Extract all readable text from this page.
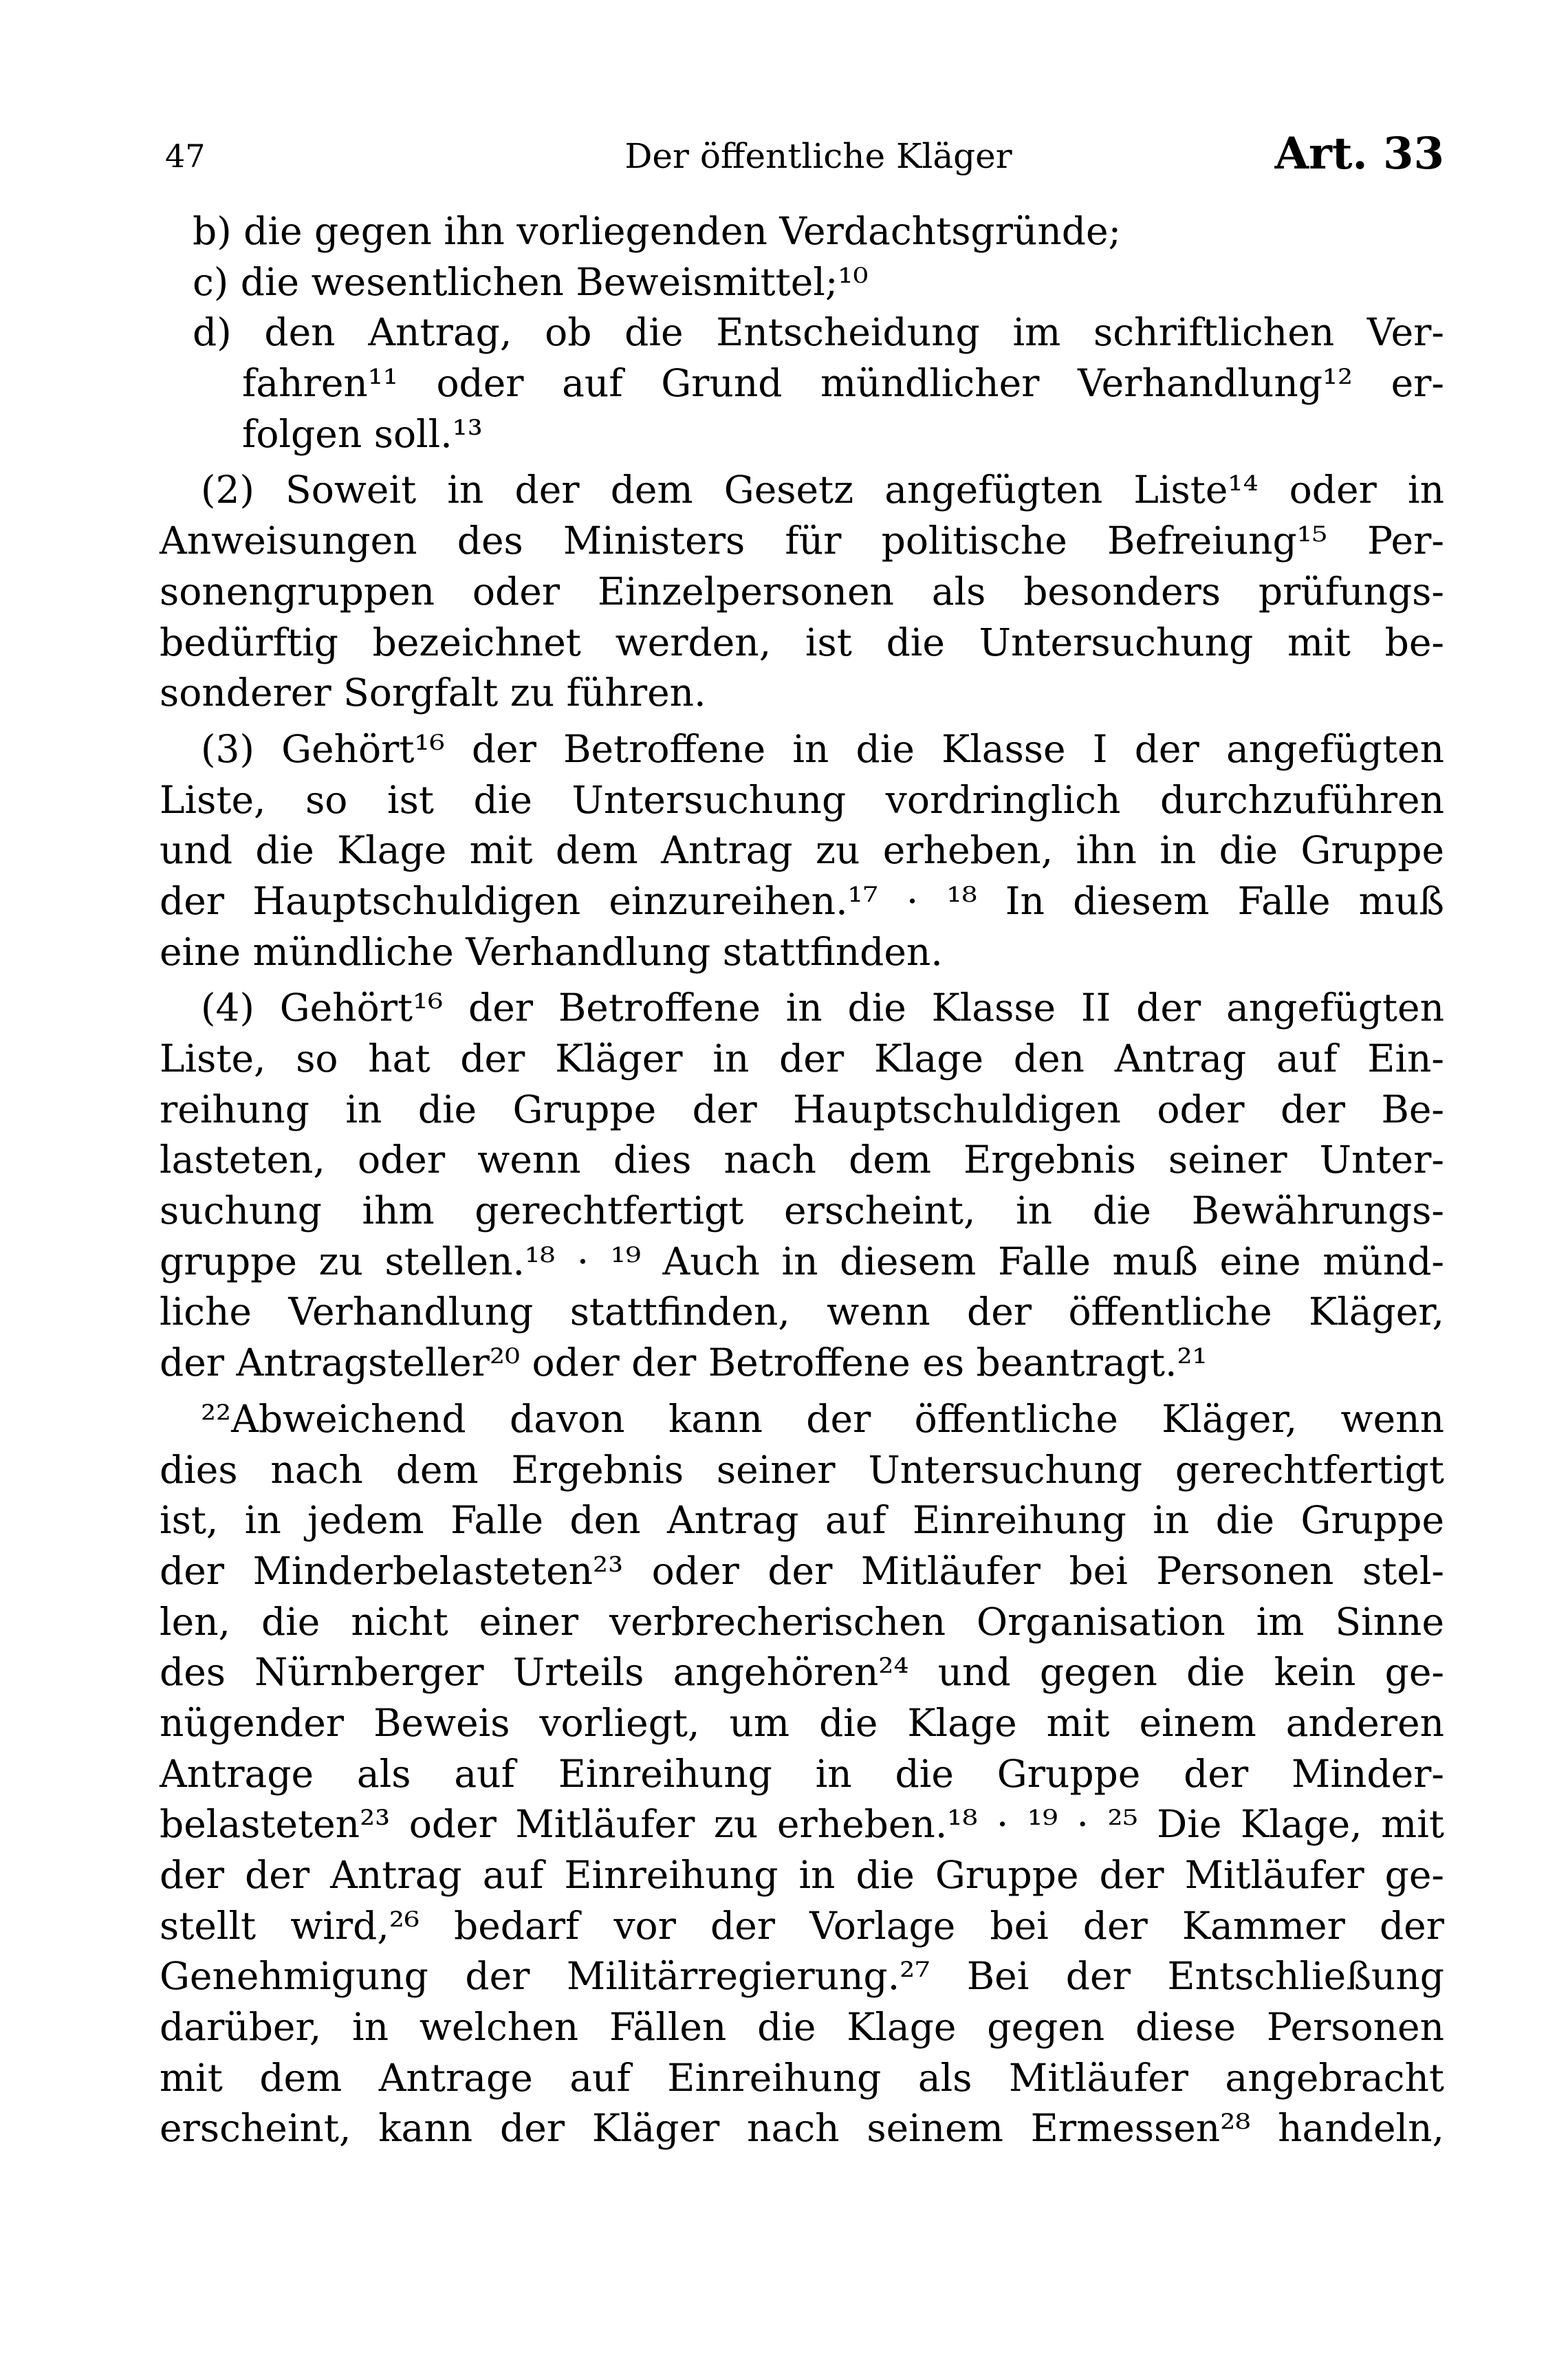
47	Der öffentliche Kläger	Art. 33
b) die gegen ihn vorliegenden Verdachtsgründe;
c) die wesentlichen Beweismittel;¹⁰
d) den Antrag, ob die Entscheidung im schriftlichen Ver-
fahren¹¹ oder auf Grund mündlicher Verhandlung¹² er-
folgen soll.¹³
(2) Soweit in der dem Gesetz angefügten Liste¹⁴ oder in
Anweisungen des Ministers für politische Befreiung¹⁵ Per-
sonengruppen oder Einzelpersonen als besonders prüfungs-
bedürftig bezeichnet werden, ist die Untersuchung mit be-
sonderer Sorgfalt zu führen.
(3) Gehört¹⁶ der Betroffene in die Klasse I der angefügten
Liste, so ist die Untersuchung vordringlich durchzuführen
und die Klage mit dem Antrag zu erheben, ihn in die Gruppe
der Hauptschuldigen einzureihen.¹⁷ · ¹⁸ In diesem Falle muß
eine mündliche Verhandlung stattfinden.
(4) Gehört¹⁶ der Betroffene in die Klasse II der angefügten
Liste, so hat der Kläger in der Klage den Antrag auf Ein-
reihung in die Gruppe der Hauptschuldigen oder der Be-
lasteten, oder wenn dies nach dem Ergebnis seiner Unter-
suchung ihm gerechtfertigt erscheint, in die Bewährungs-
gruppe zu stellen.¹⁸ · ¹⁹ Auch in diesem Falle muß eine münd-
liche Verhandlung stattfinden, wenn der öffentliche Kläger,
der Antragsteller²⁰ oder der Betroffene es beantragt.²¹
²²Abweichend davon kann der öffentliche Kläger, wenn
dies nach dem Ergebnis seiner Untersuchung gerechtfertigt
ist, in jedem Falle den Antrag auf Einreihung in die Gruppe
der Minderbelasteten²³ oder der Mitläufer bei Personen stel-
len, die nicht einer verbrecherischen Organisation im Sinne
des Nürnberger Urteils angehören²⁴ und gegen die kein ge-
nügender Beweis vorliegt, um die Klage mit einem anderen
Antrage als auf Einreihung in die Gruppe der Minder-
belasteten²³ oder Mitläufer zu erheben.¹⁸ · ¹⁹ · ²⁵ Die Klage, mit
der der Antrag auf Einreihung in die Gruppe der Mitläufer ge-
stellt wird,²⁶ bedarf vor der Vorlage bei der Kammer der
Genehmigung der Militärregierung.²⁷ Bei der Entschließung
darüber, in welchen Fällen die Klage gegen diese Personen
mit dem Antrage auf Einreihung als Mitläufer angebracht
erscheint, kann der Kläger nach seinem Ermessen²⁸ handeln,
